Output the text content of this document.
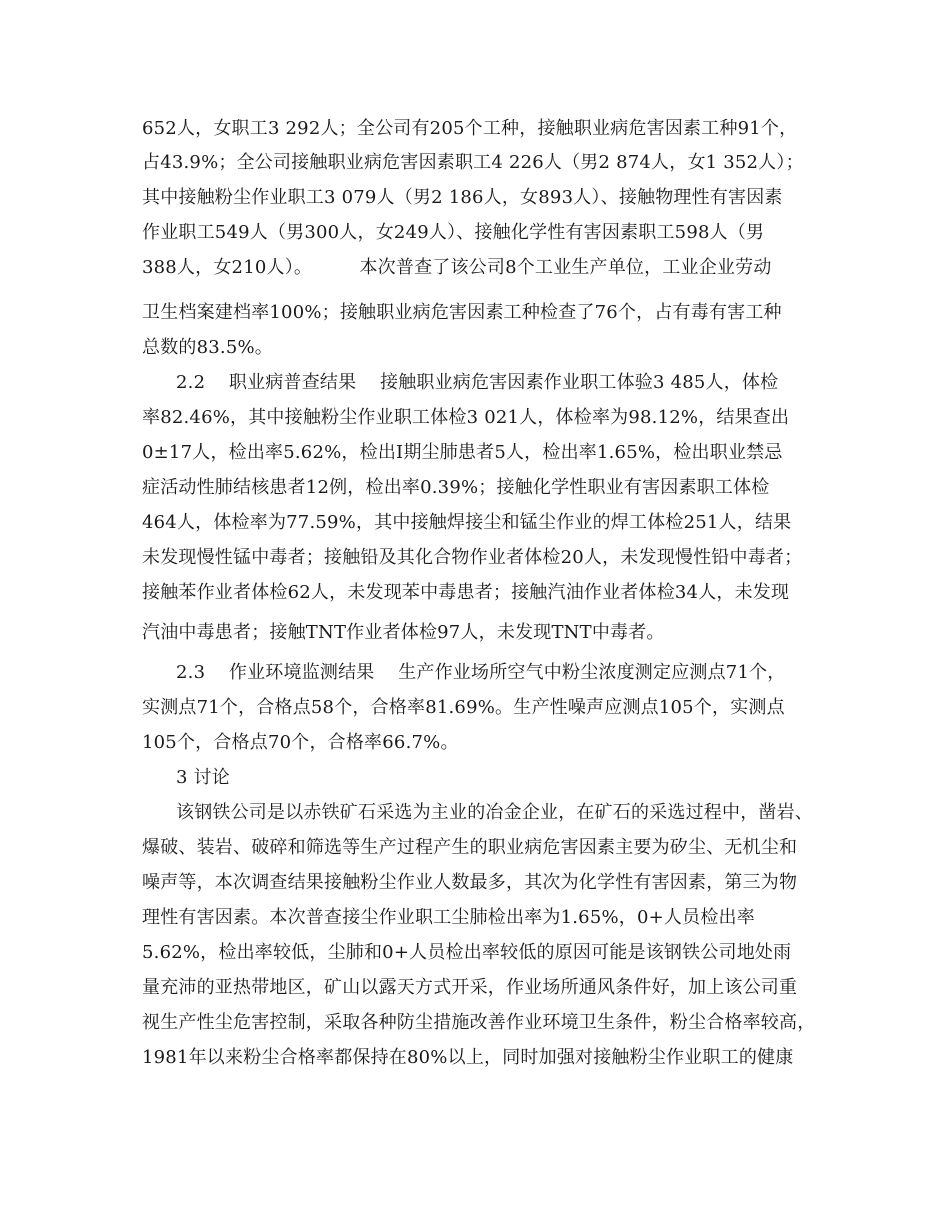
652人，女职工3 292人；全公司有205个工种，接触职业病危害因素工种91个，
占43.9%；全公司接触职业病危害因素职工4 226人（男2 874人，女1 352人）；
其中接触粉尘作业职工3 079人（男2 186人，女893人）、接触物理性有害因素
作业职工549人（男300人，女249人）、接触化学性有害因素职工598人（男
388人，女210人）。        本次普查了该公司8个工业生产单位，工业企业劳动
卫生档案建档率100%；接触职业病危害因素工种检查了76个，占有毒有害工种
总数的83.5%。
2.2    职业病普查结果    接触职业病危害因素作业职工体验3 485人，体检
率82.46%，其中接触粉尘作业职工体检3 021人，体检率为98.12%，结果查出
0±17人，检出率5.62%，检出Ⅰ期尘肺患者5人，检出率1.65%，检出职业禁忌
症活动性肺结核患者12例，检出率0.39%；接触化学性职业有害因素职工体检
464人，体检率为77.59%，其中接触焊接尘和锰尘作业的焊工体检251人，结果
未发现慢性锰中毒者；接触铅及其化合物作业者体检20人，未发现慢性铅中毒者；
接触苯作业者体检62人，未发现苯中毒患者；接触汽油作业者体检34人，未发现
汽油中毒患者；接触TNT作业者体检97人，未发现TNT中毒者。
2.3    作业环境监测结果    生产作业场所空气中粉尘浓度测定应测点71个，
实测点71个，合格点58个，合格率81.69%。生产性噪声应测点105个，实测点
105个，合格点70个，合格率66.7%。
3 讨论
该钢铁公司是以赤铁矿石采选为主业的冶金企业，在矿石的采选过程中，凿岩、
爆破、装岩、破碎和筛选等生产过程产生的职业病危害因素主要为矽尘、无机尘和
噪声等，本次调查结果接触粉尘作业人数最多，其次为化学性有害因素，第三为物
理性有害因素。本次普查接尘作业职工尘肺检出率为1.65%，0+人员检出率
5.62%，检出率较低，尘肺和0+人员检出率较低的原因可能是该钢铁公司地处雨
量充沛的亚热带地区，矿山以露天方式开采，作业场所通风条件好，加上该公司重
视生产性尘危害控制，采取各种防尘措施改善作业环境卫生条件，粉尘合格率较高，
1981年以来粉尘合格率都保持在80%以上，同时加强对接触粉尘作业职工的健康
